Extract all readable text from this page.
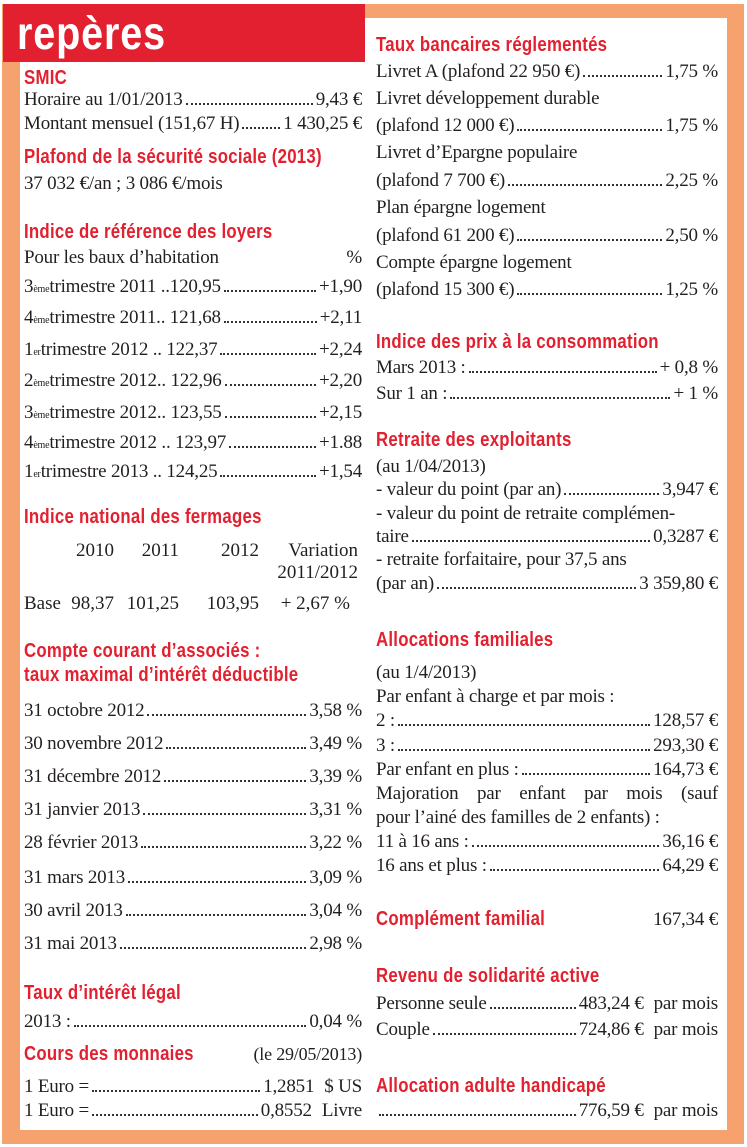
repères
2010	2011	2012	Variation
2011/2012
Base 98,37 101,25	103,95	+ 2,67 %
SMIC
Horaire au 1/01/2013	9,43 €
Montant mensuel (151,67 H) 1 430,25 €
Plafond de la sécurité sociale (2013)
37 032 €/an ; 3 086 €/mois
Indice de référence des loyers
Pour les baux d’habitation	%
3 ème trimestre 2011 ..120,95	+1,90
4 ème trimestre 2011.. 121,68	+2,11
1 er trimestre 2012 .. 122,37	+2,24
2 ème trimestre 2012.. 122,96	+2,20
3 ème trimestre 2012.. 123,55	+2,15
4 ème trimestre 2012 .. 123,97	+1.88
1 er trimestre 2013 .. 124,25	+1,54
Indice national des fermages
Compte courant d’associés :
taux maximal d’intérêt déductible
31 octobre 2012	3,58 %
30 novembre 2012	3,49 %
31 décembre 2012	3,39 %
31 janvier 2013	3,31 %
28 février 2013	3,22 %
31 mars 2013	3,09 %
30 avril 2013	3,04 %
31 mai 2013	2,98 %
Taux d’intérêt légal
2013 :	0,04 %
Cours des monnaies	(le 29/05/2013)
1 Euro =	1,2851 $ US
1 Euro =	0,8552 Livre
Taux bancaires réglementés
Livret A (plafond 22 950 €)	1,75 %
Livret développement durable
(plafond 12 000 €)	1,75 %
Livret d’Epargne populaire
(plafond 7 700 €)	2,25 %
Plan épargne logement
(plafond 61 200 €)	2,50 %
Compte épargne logement
(plafond 15 300 €)	1,25 %
Indice des prix à la consommation
Mars 2013 :	+ 0,8 %
Sur 1 an :	+ 1 %
Retraite des exploitants
(au 1/04/2013)
- valeur du point (par an)	3,947 €
- valeur du point de retraite complémen-
taire	0,3287 €
- retraite forfaitaire, pour 37,5 ans
(par an)	3 359,80 €
Allocations familiales
(au 1/4/2013)
Par enfant à charge et par mois :
2 :	128,57 €
3 :	293,30 €
Par enfant en plus :	164,73 €
Majoration par enfant par mois (sauf
pour l’ainé des familles de 2 enfants) :
11 à 16 ans :	36,16 €
16 ans et plus :	64,29 €
Complément familial	167,34 €
Revenu de solidarité active
Personne seule	483,24 € par mois
Couple	724,86 € par mois
Allocation adulte handicapé
776,59 € par mois
